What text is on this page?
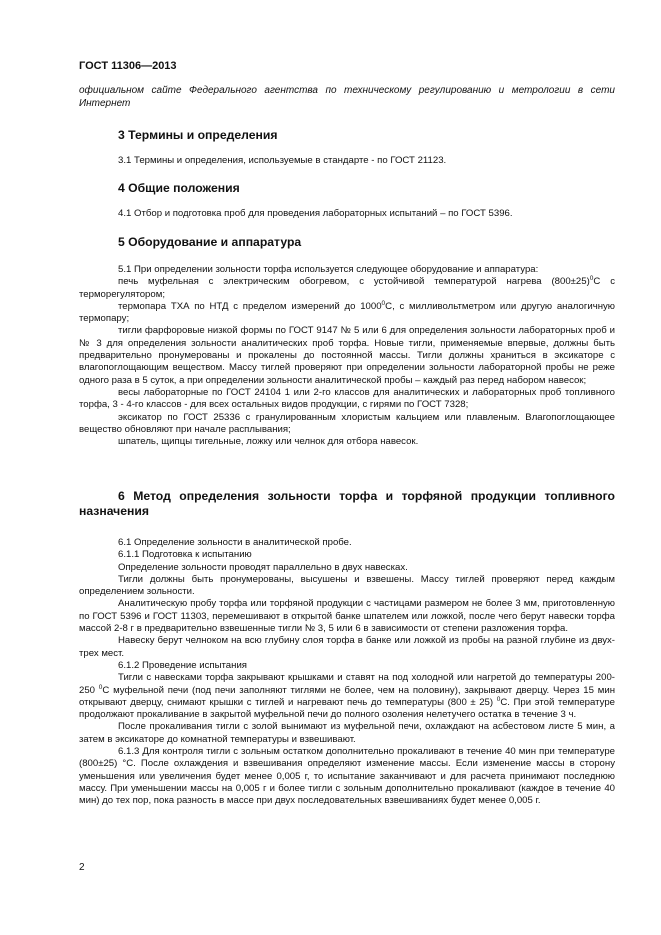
ГОСТ 11306—2013
официальном сайте Федерального агентства по техническому регулированию и метрологии в сети Интернет
3 Термины и определения

3.1 Термины и определения, используемые в стандарте - по ГОСТ 21123.

4 Общие положения

4.1 Отбор и подготовка проб для проведения лабораторных испытаний – по ГОСТ 5396.

5 Оборудование и аппаратура

5.1 При определении зольности торфа используется следующее оборудование и аппаратура:

печь муфельная с электрическим обогревом, с устойчивой температурой нагрева $(800\pm 25)^0С$ с терморегулятором;

термопара ТХА по НТД с пределом измерений до 1000$^0$С, с милливольтметром или другую аналогичную термопару;

тигли фарфоровые низкой формы по ГОСТ 9147 № 5 или 6 для определения зольности лабораторных проб и № 3 для определения зольности аналитических проб торфа. Новые тигли, применяемые впервые, должны быть предварительно пронумерованы и прокалены до постоянной массы. Тигли должны храниться в эксикаторе с влагопоглощающим веществом. Массу тиглей проверяют при определении зольности лабораторной пробы не реже одного раза в 5 суток, а при определении зольности аналитической пробы – каждый раз перед набором навесок;

весы лабораторные по ГОСТ 24104 1 или 2-го классов для аналитических и лабораторных проб топливного торфа, 3 - 4-го классов - для всех остальных видов продукции, с гирями по ГОСТ 7328;

эксикатор по ГОСТ 25336 с гранулированным хлористым кальцием или плавленым. Влагопоглощающее вещество обновляют при начале расплывания;

шпатель, щипцы тигельные, ложку или челнок для отбора навесок.

6 Метод определения зольности торфа и торфяной продукции топливного назначения

6.1 Определение зольности в аналитической пробе.

6.1.1 Подготовка к испытанию

Определение зольности проводят параллельно в двух навесках.

Тигли должны быть пронумерованы, высушены и взвешены. Массу тиглей проверяют перед каждым определением зольности.

Аналитическую пробу торфа или торфяной продукции с частицами размером не более 3 мм, приготовленную по ГОСТ 5396 и ГОСТ 11303, перемешивают в открытой банке шпателем или ложкой, после чего берут навески торфа массой 2-8 г в предварительно взвешенные тигли № 3, 5 или 6 в зависимости от степени разложения торфа.

Навеску берут челноком на всю глубину слоя торфа в банке или ложкой из пробы на разной глубине из двух-трех мест.

6.1.2 Проведение испытания

Тигли с навесками торфа закрывают крышками и ставят на под холодной или нагретой до температуры 200-250 $^0$С муфельной печи (под печи заполняют тиглями не более, чем на половину), закрывают дверцу. Через 15 мин открывают дверцу, снимают крышки с тиглей и нагревают печь до температуры (800 ± 25) $^0$С. При этой температуре продолжают прокаливание в закрытой муфельной печи до полного озоления нелетучего остатка в течение 3 ч.

После прокаливания тигли с золой вынимают из муфельной печи, охлаждают на асбестовом листе 5 мин, а затем в эксикаторе до комнатной температуры и взвешивают.

6.1.3 Для контроля тигли с зольным остатком дополнительно прокаливают в течение 40 мин при температуре (800±25) °С. После охлаждения и взвешивания определяют изменение массы. Если изменение массы в сторону уменьшения или увеличения будет менее 0,005 г, то испытание заканчивают и для расчета принимают последнюю массу. При уменьшении массы на 0,005 г и более тигли с зольным дополнительно прокаливают (каждое в течение 40 мин) до тех пор, пока разность в массе при двух последовательных взвешиваниях будет менее 0,005 г.

2
